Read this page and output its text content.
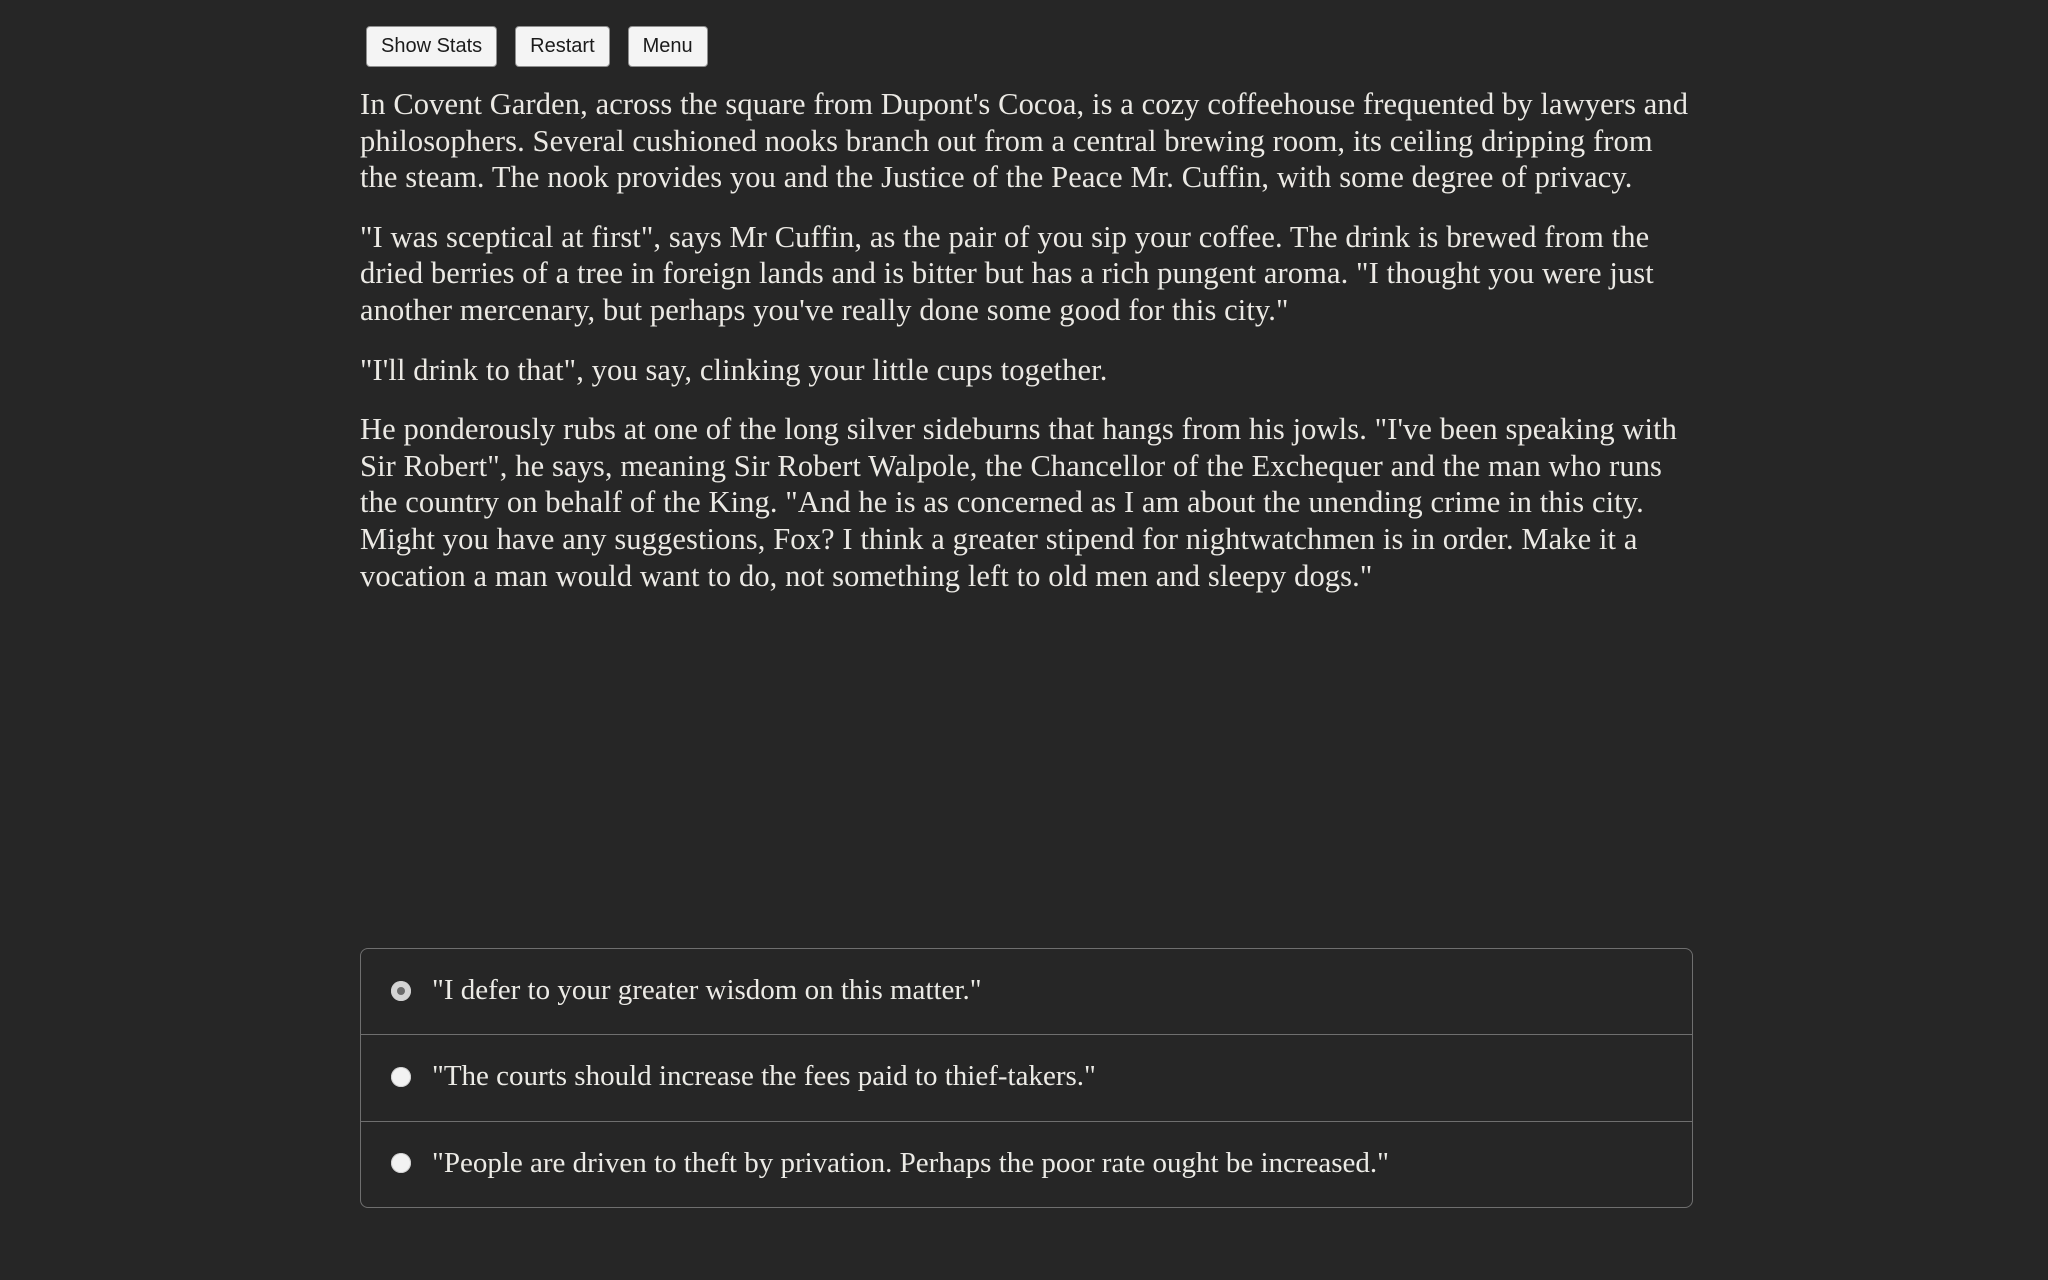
Show Stats	Restart	Menu

In Covent Garden, across the square from Dupont's Cocoa, is a cozy coffeehouse frequented by lawyers and philosophers. Several cushioned nooks branch out from a central brewing room, its ceiling dripping from the steam. The nook provides you and the Justice of the Peace Mr. Cuffin, with some degree of privacy.

"I was sceptical at first", says Mr Cuffin, as the pair of you sip your coffee. The drink is brewed from the dried berries of a tree in foreign lands and is bitter but has a rich pungent aroma. "I thought you were just another mercenary, but perhaps you've really done some good for this city."

"I'll drink to that", you say, clinking your little cups together.

He ponderously rubs at one of the long silver sideburns that hangs from his jowls. "I've been speaking with Sir Robert", he says, meaning Sir Robert Walpole, the Chancellor of the Exchequer and the man who runs the country on behalf of the King. "And he is as concerned as I am about the unending crime in this city. Might you have any suggestions, Fox? I think a greater stipend for nightwatchmen is in order. Make it a vocation a man would want to do, not something left to old men and sleepy dogs."

"I defer to your greater wisdom on this matter."
"The courts should increase the fees paid to thief-takers."
"People are driven to theft by privation. Perhaps the poor rate ought be increased."
